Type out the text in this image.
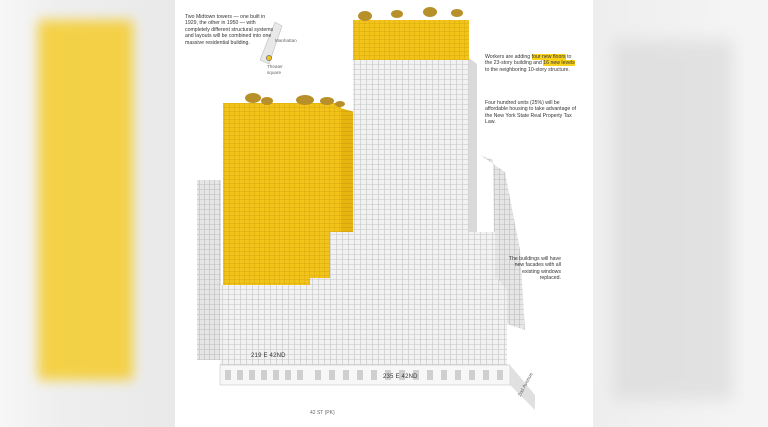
Two Midtown towers — one built in 1929, the other in 1950 — with completely different structural systems and layouts will be combined into one massive residential building.	Manhattan
Theater square
Workers are adding four new floors to the 23-story building and 16 new levels to the neighboring 10-story structure.
Four hundred units (25%) will be affordable housing to take advantage of the New York State Real Property Tax Law.
The buildings will have new facades with all existing windows replaced.
219 E 42ND
235 E 42ND
42 ST (PK)
2nd Avenue
